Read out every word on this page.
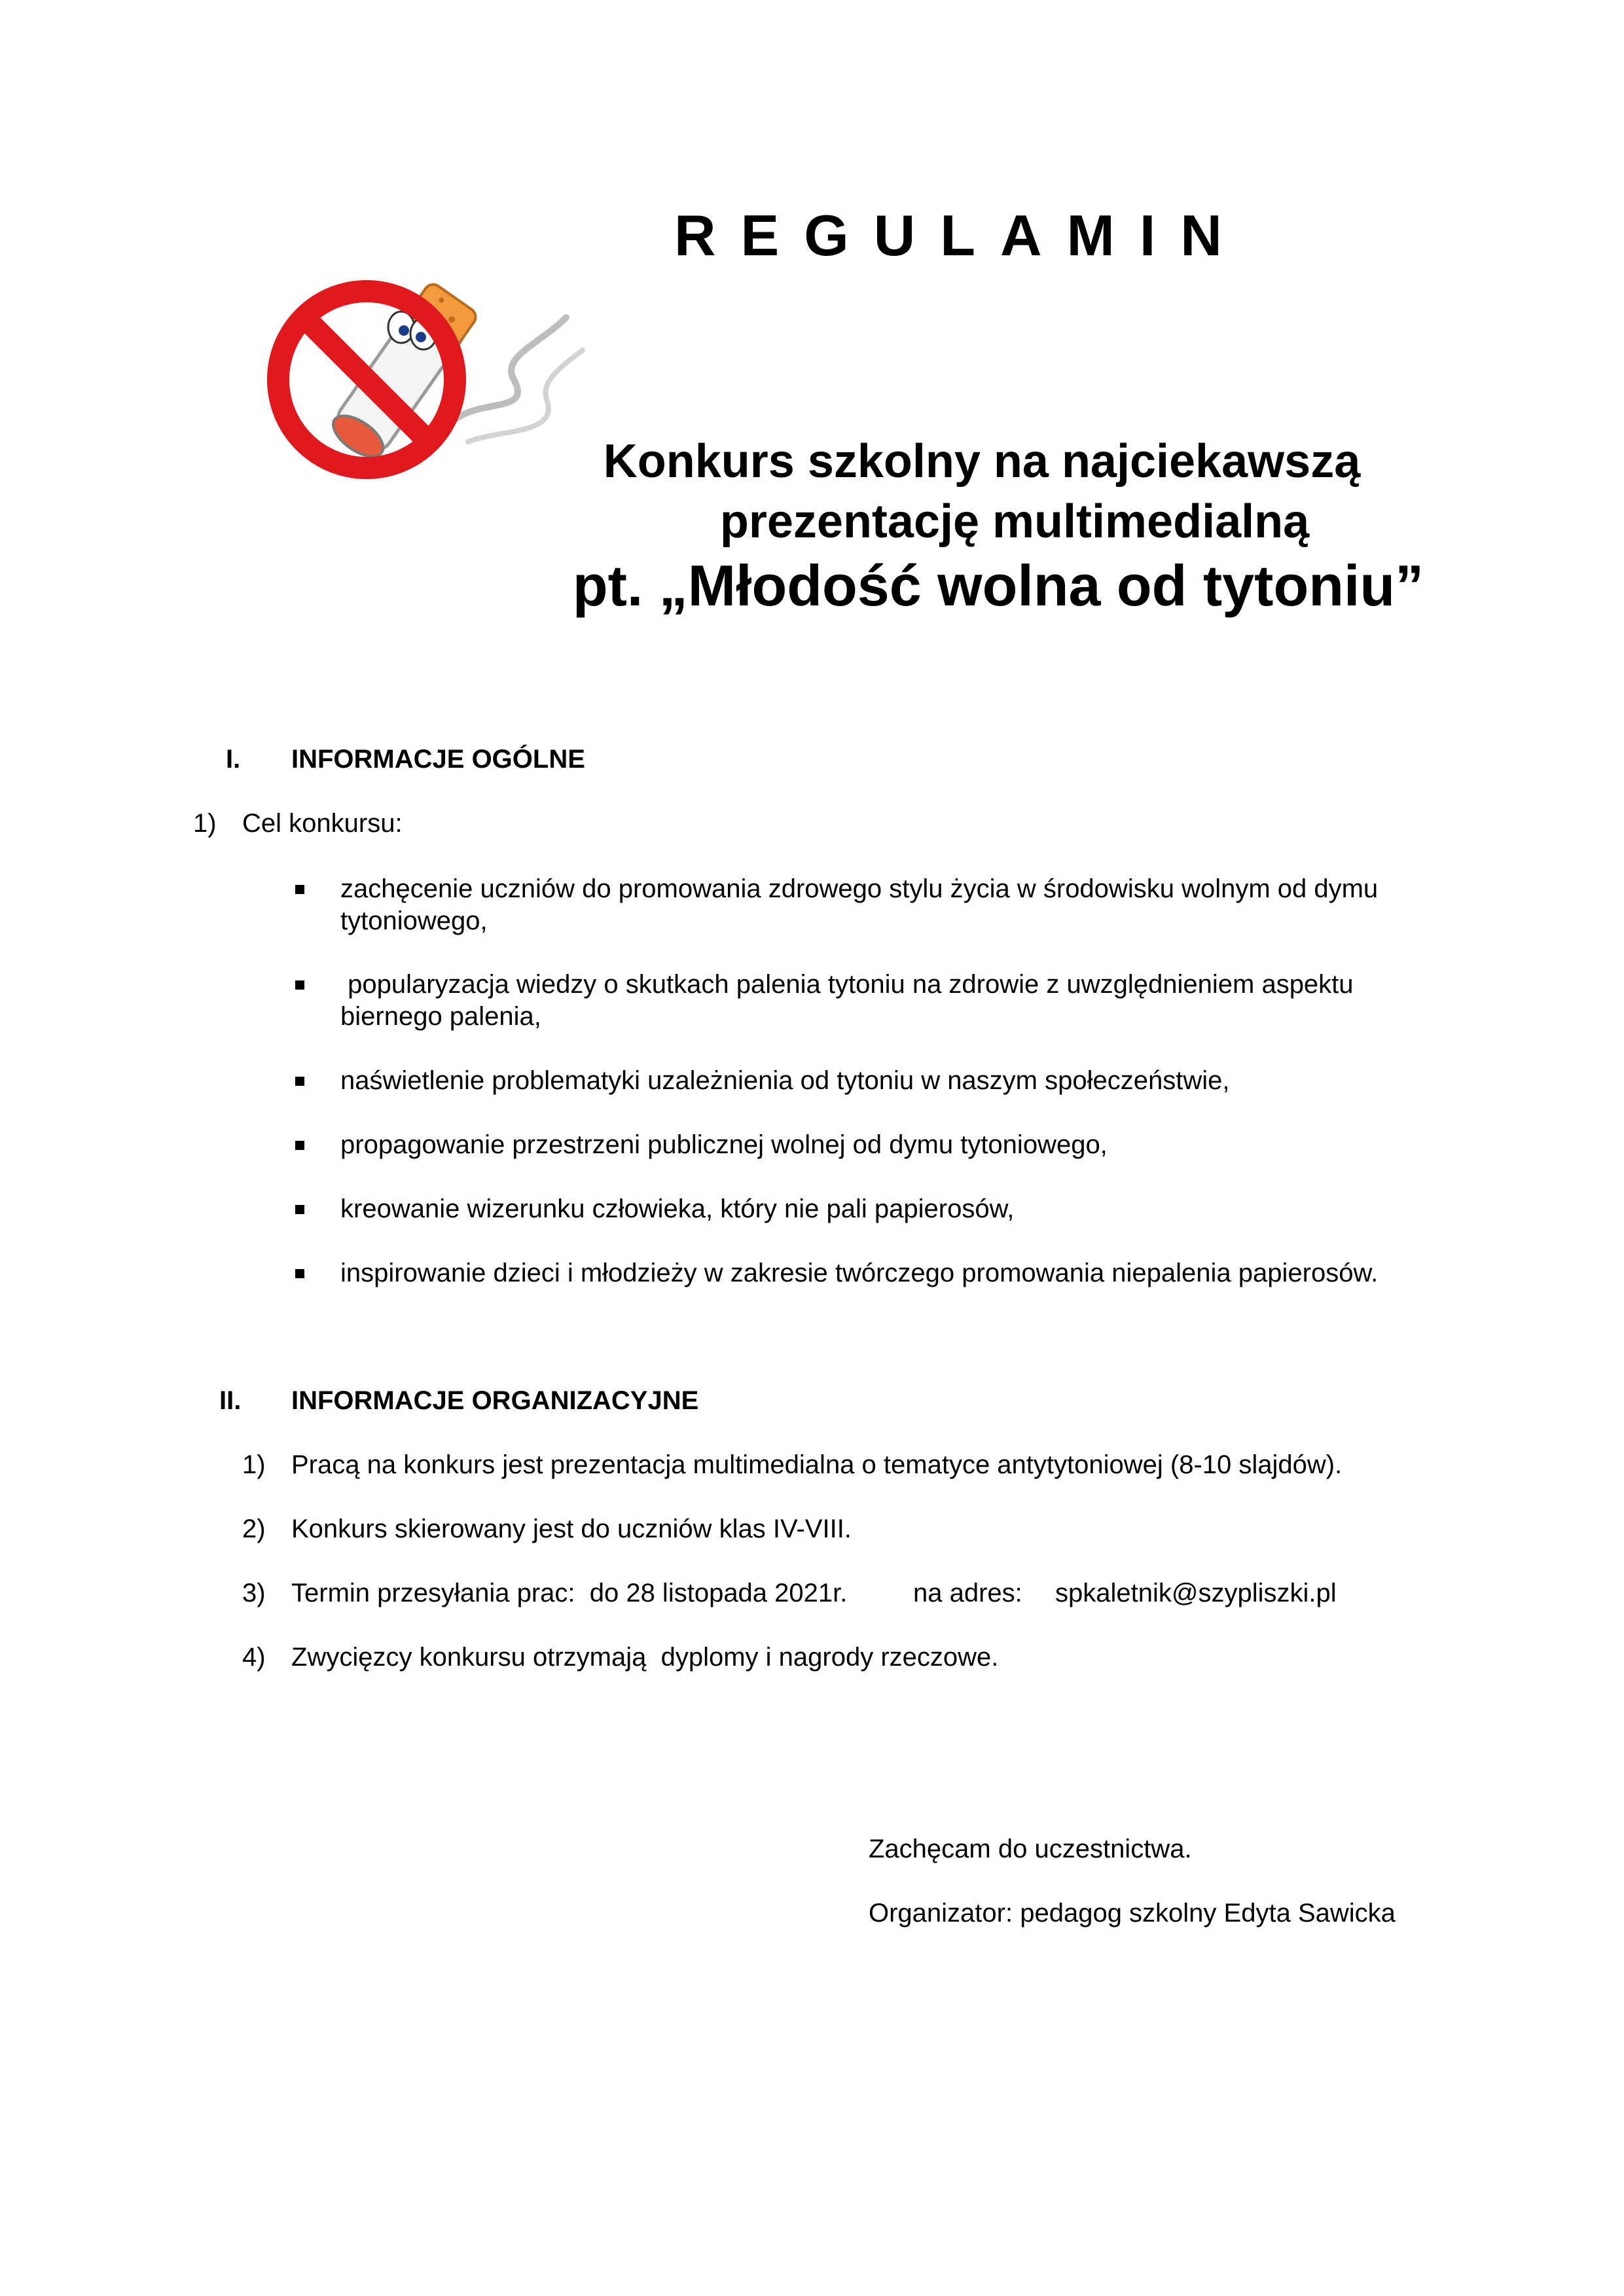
REGULAMIN
Konkurs szkolny na najciekawszą
prezentację multimedialną
pt. „Młodość wolna od tytoniu”
I. INFORMACJE OGÓLNE
1) Cel konkursu:
zachęcenie uczniów do promowania zdrowego stylu życia w środowisku wolnym od dymu
tytoniowego,
popularyzacja wiedzy o skutkach palenia tytoniu na zdrowie z uwzględnieniem aspektu
biernego palenia,
naświetlenie problematyki uzależnienia od tytoniu w naszym społeczeństwie,
propagowanie przestrzeni publicznej wolnej od dymu tytoniowego,
kreowanie wizerunku człowieka, który nie pali papierosów,
inspirowanie dzieci i młodzieży w zakresie twórczego promowania niepalenia papierosów.
II. INFORMACJE ORGANIZACYJNE
1) Pracą na konkurs jest prezentacja multimedialna o tematyce antytytoniowej (8-10 slajdów).
2) Konkurs skierowany jest do uczniów klas IV-VIII.
3) Termin przesyłania prac:  do 28 listopada 2021r.	na adres: spkaletnik@szypliszki.pl
4) Zwycięzcy konkursu otrzymają  dyplomy i nagrody rzeczowe.
Zachęcam do uczestnictwa.
Organizator: pedagog szkolny Edyta Sawicka
